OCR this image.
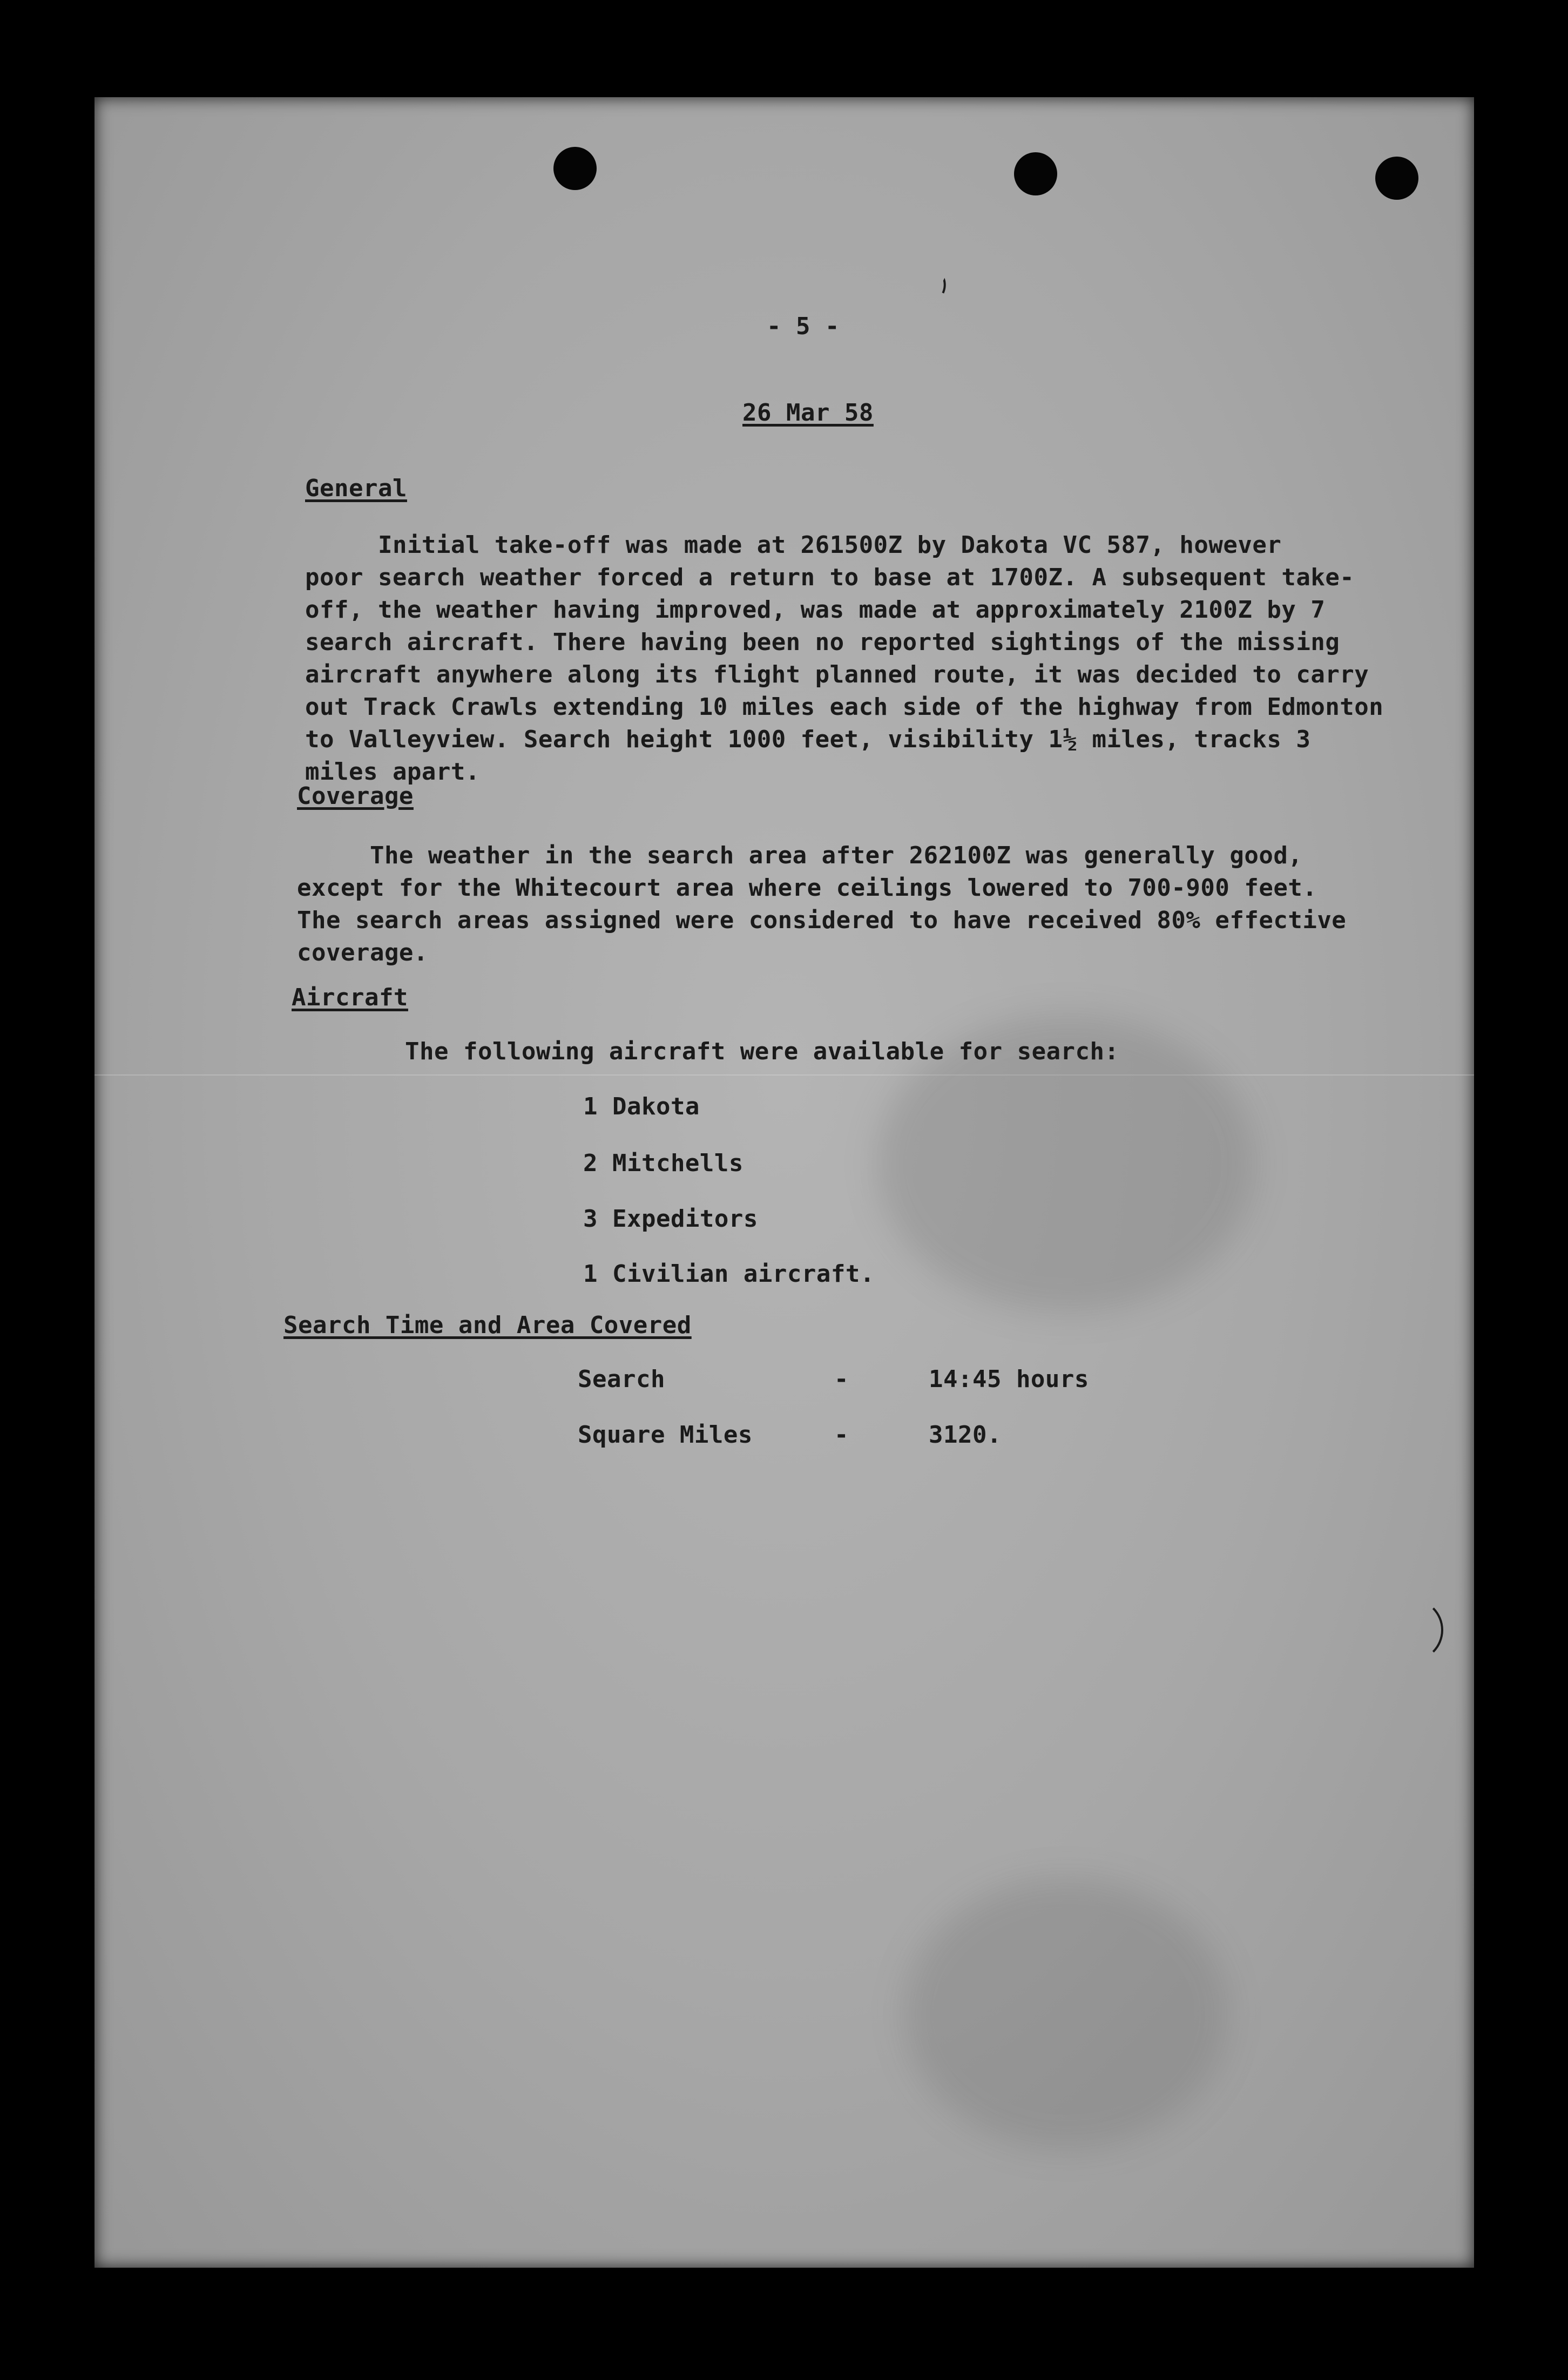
- 5 -
26 Mar 58
General
Initial take-off was made at 261500Z by Dakota VC 587, however
poor search weather forced a return to base at 1700Z. A subsequent take-
off, the weather having improved, was made at approximately 2100Z by 7
search aircraft. There having been no reported sightings of the missing
aircraft anywhere along its flight planned route, it was decided to carry
out Track Crawls extending 10 miles each side of the highway from Edmonton
to Valleyview. Search height 1000 feet, visibility 1½ miles, tracks 3
miles apart.
Coverage
The weather in the search area after 262100Z was generally good,
except for the Whitecourt area where ceilings lowered to 700-900 feet.
The search areas assigned were considered to have received 80% effective
coverage.
Aircraft
The following aircraft were available for search:
1 Dakota
2 Mitchells
3 Expeditors
1 Civilian aircraft.
Search Time and Area Covered
Search	-	14:45 hours
Square Miles	-	3120.
